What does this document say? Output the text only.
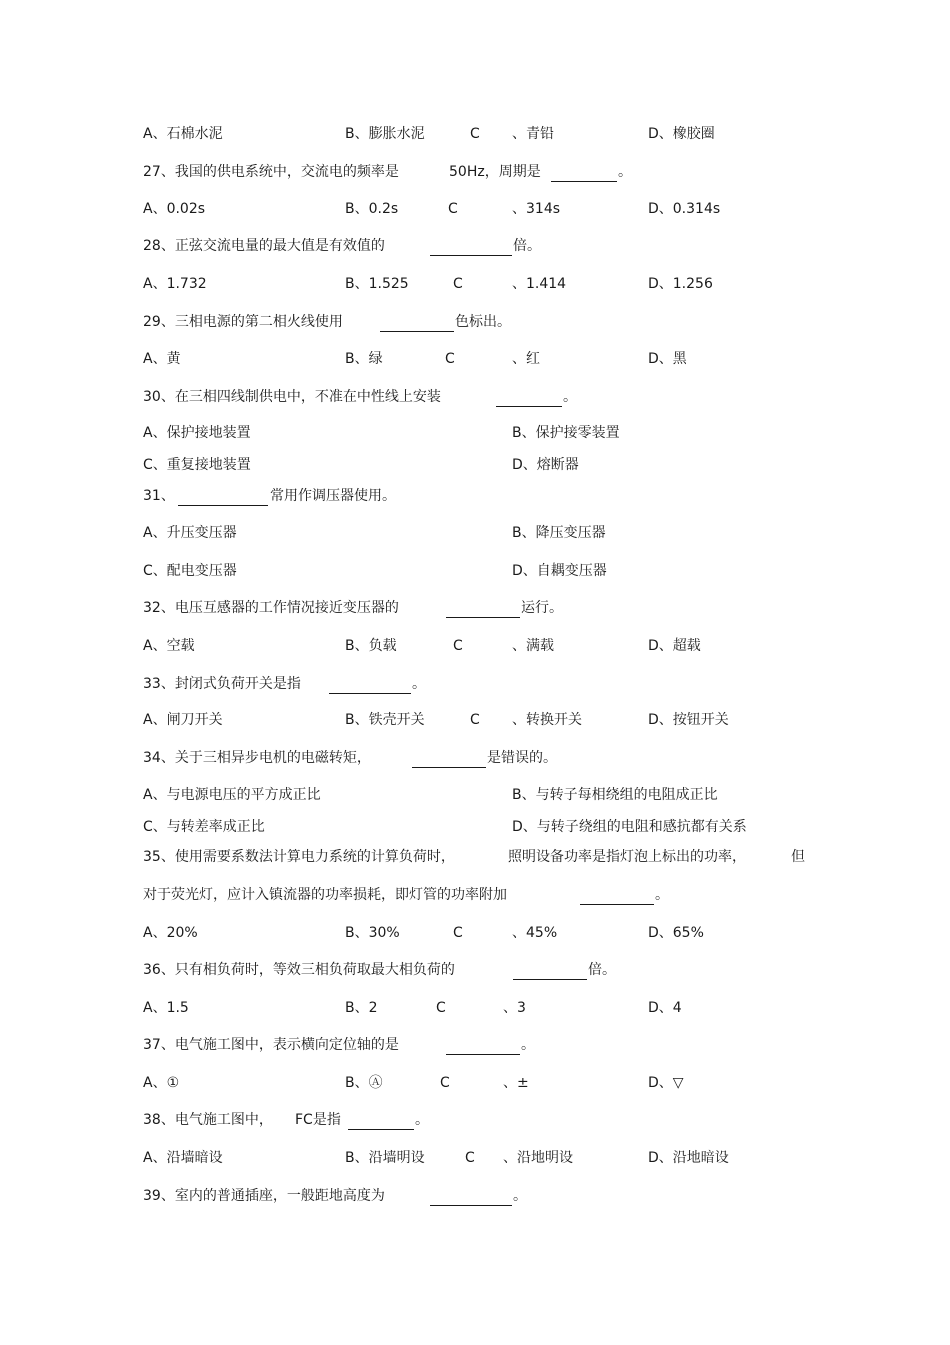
A、石棉水泥	B、膨胀水泥	C 、青铅	D、橡胶圈
27、我国的供电系统中，交流电的频率是	50Hz，周期是	。
A、0.02s	B、0.2s	C	、314s	D、0.314s
28、正弦交流电量的最大值是有效值的	倍。
A、1.732	B、1.525	C	、1.414	D、1.256
29、三相电源的第二相火线使用	色标出。
A、黄	B、绿	C	、红	D、黑
30、在三相四线制供电中，不准在中性线上安装	。
A、保护接地装置	B、保护接零装置
C、重复接地装置	D、熔断器
31、	常用作调压器使用。
A、升压变压器	B、降压变压器
C、配电变压器	D、自耦变压器
32、电压互感器的工作情况接近变压器的	运行。
A、空载	B、负载	C	、满载	D、超载
33、封闭式负荷开关是指	。
A、闸刀开关	B、铁壳开关	C 、转换开关	D、按钮开关
34、关于三相异步电机的电磁转矩，	是错误的。
A、与电源电压的平方成正比	B、与转子每相绕组的电阻成正比
C、与转差率成正比	D、与转子绕组的电阻和感抗都有关系
35、使用需要系数法计算电力系统的计算负荷时，	照明设备功率是指灯泡上标出的功率，	但
对于荧光灯，应计入镇流器的功率损耗，即灯管的功率附加	。
A、20%	B、30%	C	、45%	D、65%
36、只有相负荷时，等效三相负荷取最大相负荷的	倍。
A、1.5	B、2	C	、3	D、4
37、电气施工图中，表示横向定位轴的是	。
A、①	B、Ⓐ	C	、±	D、▽
38、电气施工图中， FC是指	。
A、沿墙暗设	B、沿墙明设	C 、沿地明设	D、沿地暗设
39、室内的普通插座，一般距地高度为	。
